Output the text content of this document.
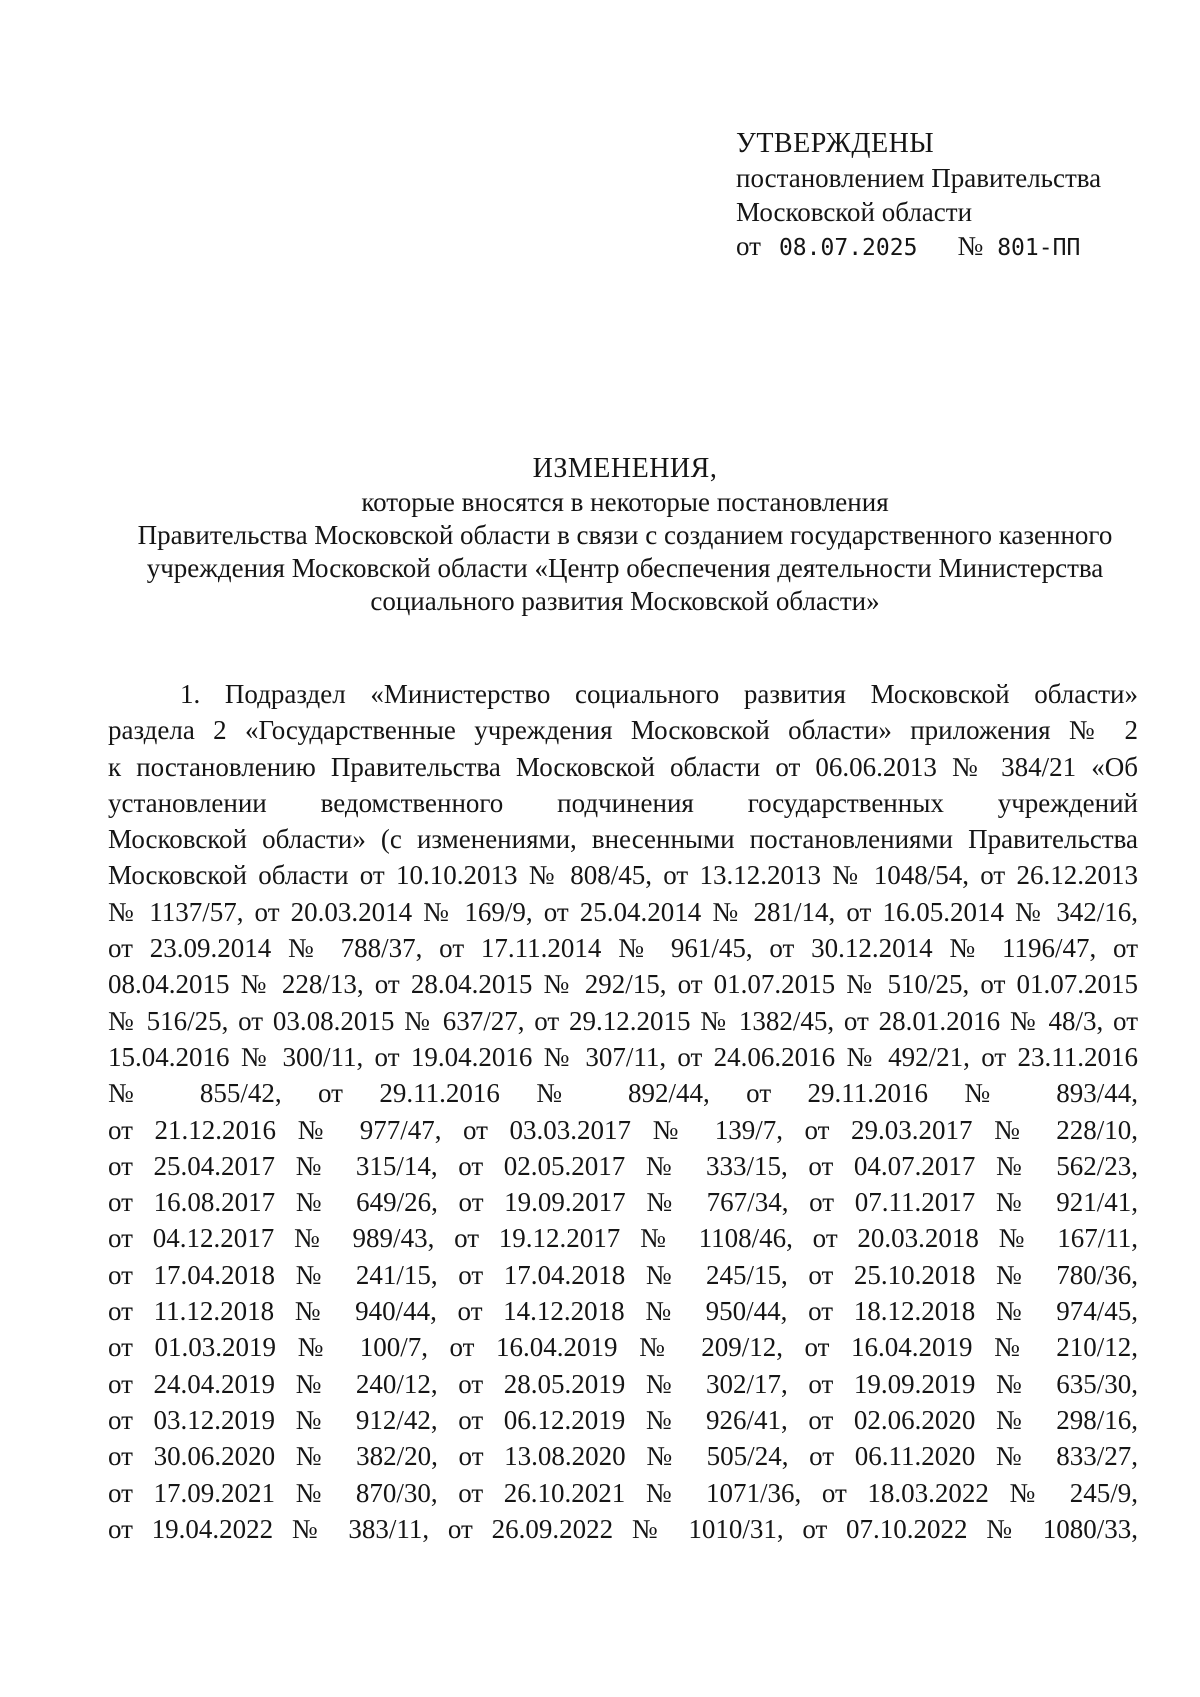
УТВЕРЖДЕНЫ
постановлением Правительства
Московской области
от 08.07.2025 № 801-ПП
ИЗМЕНЕНИЯ,
которые вносятся в некоторые постановления
Правительства Московской области в связи с созданием государственного казенного
учреждения Московской области «Центр обеспечения деятельности Министерства
социального развития Московской области»
1. Подраздел «Министерство социального развития Московской области»
раздела 2 «Государственные учреждения Московской области» приложения № 2
к постановлению Правительства Московской области от 06.06.2013 № 384/21 «Об
установлении ведомственного подчинения государственных учреждений
Московской области» (с изменениями, внесенными постановлениями Правительства
Московской области от 10.10.2013 № 808/45, от 13.12.2013 № 1048/54, от 26.12.2013
№ 1137/57, от 20.03.2014 № 169/9, от 25.04.2014 № 281/14, от 16.05.2014 № 342/16,
от 23.09.2014 № 788/37, от 17.11.2014 № 961/45, от 30.12.2014 № 1196/47, от
08.04.2015 № 228/13, от 28.04.2015 № 292/15, от 01.07.2015 № 510/25, от 01.07.2015
№ 516/25, от 03.08.2015 № 637/27, от 29.12.2015 № 1382/45, от 28.01.2016 № 48/3, от
15.04.2016 № 300/11, от 19.04.2016 № 307/11, от 24.06.2016 № 492/21, от 23.11.2016
№ 855/42, от 29.11.2016 № 892/44, от 29.11.2016 № 893/44,
от 21.12.2016 № 977/47, от 03.03.2017 № 139/7, от 29.03.2017 № 228/10,
от 25.04.2017 № 315/14, от 02.05.2017 № 333/15, от 04.07.2017 № 562/23,
от 16.08.2017 № 649/26, от 19.09.2017 № 767/34, от 07.11.2017 № 921/41,
от 04.12.2017 № 989/43, от 19.12.2017 № 1108/46, от 20.03.2018 № 167/11,
от 17.04.2018 № 241/15, от 17.04.2018 № 245/15, от 25.10.2018 № 780/36,
от 11.12.2018 № 940/44, от 14.12.2018 № 950/44, от 18.12.2018 № 974/45,
от 01.03.2019 № 100/7, от 16.04.2019 № 209/12, от 16.04.2019 № 210/12,
от 24.04.2019 № 240/12, от 28.05.2019 № 302/17, от 19.09.2019 № 635/30,
от 03.12.2019 № 912/42, от 06.12.2019 № 926/41, от 02.06.2020 № 298/16,
от 30.06.2020 № 382/20, от 13.08.2020 № 505/24, от 06.11.2020 № 833/27,
от 17.09.2021 № 870/30, от 26.10.2021 № 1071/36, от 18.03.2022 № 245/9,
от 19.04.2022 № 383/11, от 26.09.2022 № 1010/31, от 07.10.2022 № 1080/33,
